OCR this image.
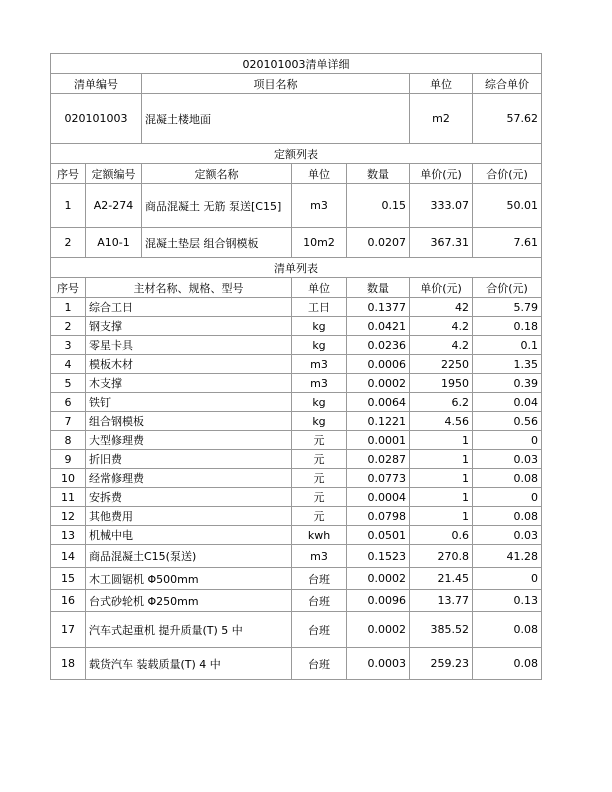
020101003清单详细						
清单编号		项目名称			单位	综合单价
020101003		混凝土楼地面			m2	57.62
定额列表						
序号	定额编号	定额名称	单位	数量	单价(元)	合价(元)
1	A2-274	商品混凝土 无筋 泵送[C15]	m3	0.15	333.07	50.01
2	A10-1	混凝土垫层 组合钢模板	10m2	0.0207	367.31	7.61
清单列表						
序号	主材名称、规格、型号		单位	数量	单价(元)	合价(元)
1	综合工日		工日	0.1377	42	5.79
2	钢支撑		kg	0.0421	4.2	0.18
3	零星卡具		kg	0.0236	4.2	0.1
4	模板木材		m3	0.0006	2250	1.35
5	木支撑		m3	0.0002	1950	0.39
6	铁钉		kg	0.0064	6.2	0.04
7	组合钢模板		kg	0.1221	4.56	0.56
8	大型修理费		元	0.0001	1	0
9	折旧费		元	0.0287	1	0.03
10	经常修理费		元	0.0773	1	0.08
11	安拆费		元	0.0004	1	0
12	其他费用		元	0.0798	1	0.08
13	机械中电		kwh	0.0501	0.6	0.03
14	商品混凝土C15(泵送)		m3	0.1523	270.8	41.28
15	木工圆锯机 Φ500mm		台班	0.0002	21.45	0
16	台式砂轮机 Φ250mm		台班	0.0096	13.77	0.13
17	汽车式起重机 提升质量(T) 5 中		台班	0.0002	385.52	0.08
18	载货汽车 装载质量(T) 4 中		台班	0.0003	259.23	0.08
